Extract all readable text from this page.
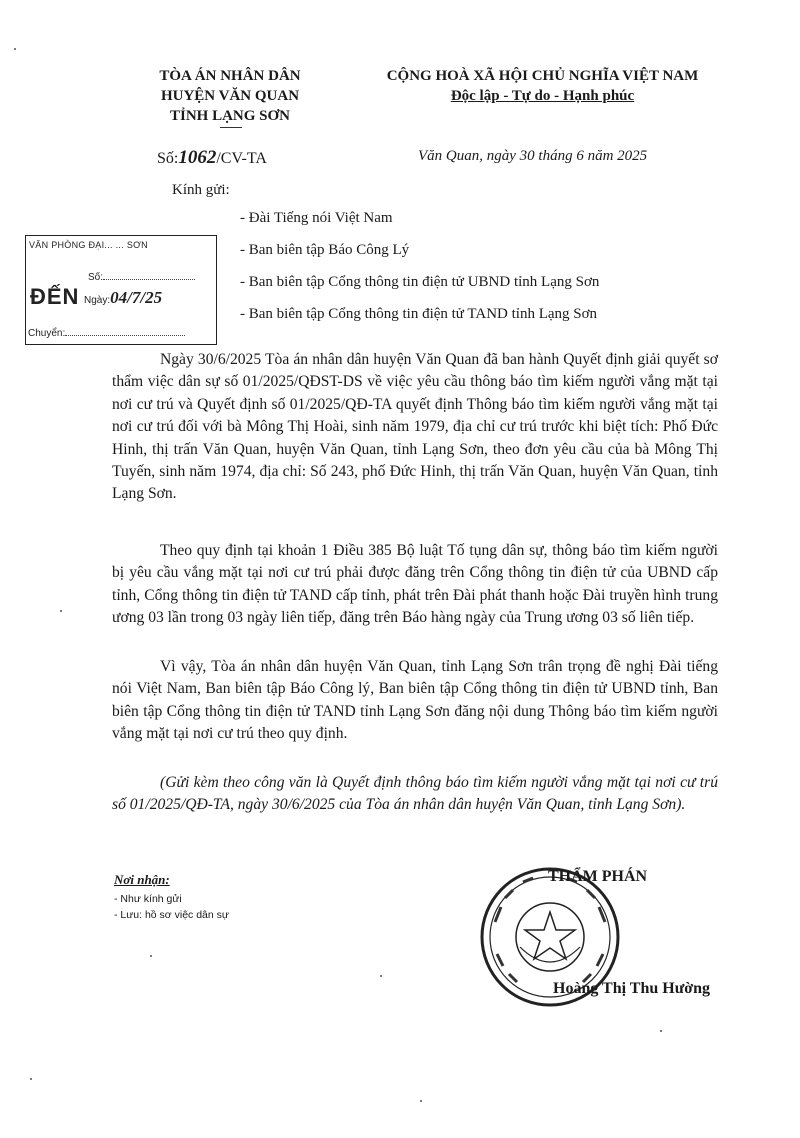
TÒA ÁN NHÂN DÂN
HUYỆN VĂN QUAN
TỈNH LẠNG SƠN
CỘNG HOÀ XÃ HỘI CHỦ NGHĨA VIỆT NAM
Độc lập - Tự do - Hạnh phúc
Số:1062/CV-TA	Văn Quan, ngày 30 tháng 6 năm 2025
Kính gửi:
- Đài Tiếng nói Việt Nam
- Ban biên tập Báo Công Lý
- Ban biên tập Cổng thông tin điện tử UBND tỉnh Lạng Sơn
- Ban biên tập Cổng thông tin điện tử TAND tỉnh Lạng Sơn
VĂN PHÒNG ĐẠI... ... SƠN
ĐẾN
Số:
Ngày:04/7/25
Chuyển:

Ngày 30/6/2025 Tòa án nhân dân huyện Văn Quan đã ban hành Quyết định giải quyết sơ thẩm việc dân sự số 01/2025/QĐST-DS về việc yêu cầu thông báo tìm kiếm người vắng mặt tại nơi cư trú và Quyết định số 01/2025/QĐ-TA quyết định Thông báo tìm kiếm người vắng mặt tại nơi cư trú đối với bà Mông Thị Hoài, sinh năm 1979, địa chỉ cư trú trước khi biệt tích: Phố Đức Hinh, thị trấn Văn Quan, huyện Văn Quan, tỉnh Lạng Sơn, theo đơn yêu cầu của bà Mông Thị Tuyến, sinh năm 1974, địa chỉ: Số 243, phố Đức Hinh, thị trấn Văn Quan, huyện Văn Quan, tỉnh Lạng Sơn.

Theo quy định tại khoản 1 Điều 385 Bộ luật Tố tụng dân sự, thông báo tìm kiếm người bị yêu cầu vắng mặt tại nơi cư trú phải được đăng trên Cổng thông tin điện tử của UBND cấp tỉnh, Cổng thông tin điện tử TAND cấp tỉnh, phát trên Đài phát thanh hoặc Đài truyền hình trung ương 03 lần trong 03 ngày liên tiếp, đăng trên Báo hàng ngày của Trung ương 03 số liên tiếp.

Vì vậy, Tòa án nhân dân huyện Văn Quan, tỉnh Lạng Sơn trân trọng đề nghị Đài tiếng nói Việt Nam, Ban biên tập Báo Công lý, Ban biên tập Cổng thông tin điện tử UBND tỉnh, Ban biên tập Cổng thông tin điện tử TAND tỉnh Lạng Sơn đăng nội dung Thông báo tìm kiếm người vắng mặt tại nơi cư trú theo quy định.

(Gửi kèm theo công văn là Quyết định thông báo tìm kiếm người vắng mặt tại nơi cư trú số 01/2025/QĐ-TA, ngày 30/6/2025 của Tòa án nhân dân huyện Văn Quan, tỉnh Lạng Sơn).

Nơi nhận:
- Như kính gửi
- Lưu: hồ sơ việc dân sự
THẨM PHÁN
Hoàng Thị Thu Hường
